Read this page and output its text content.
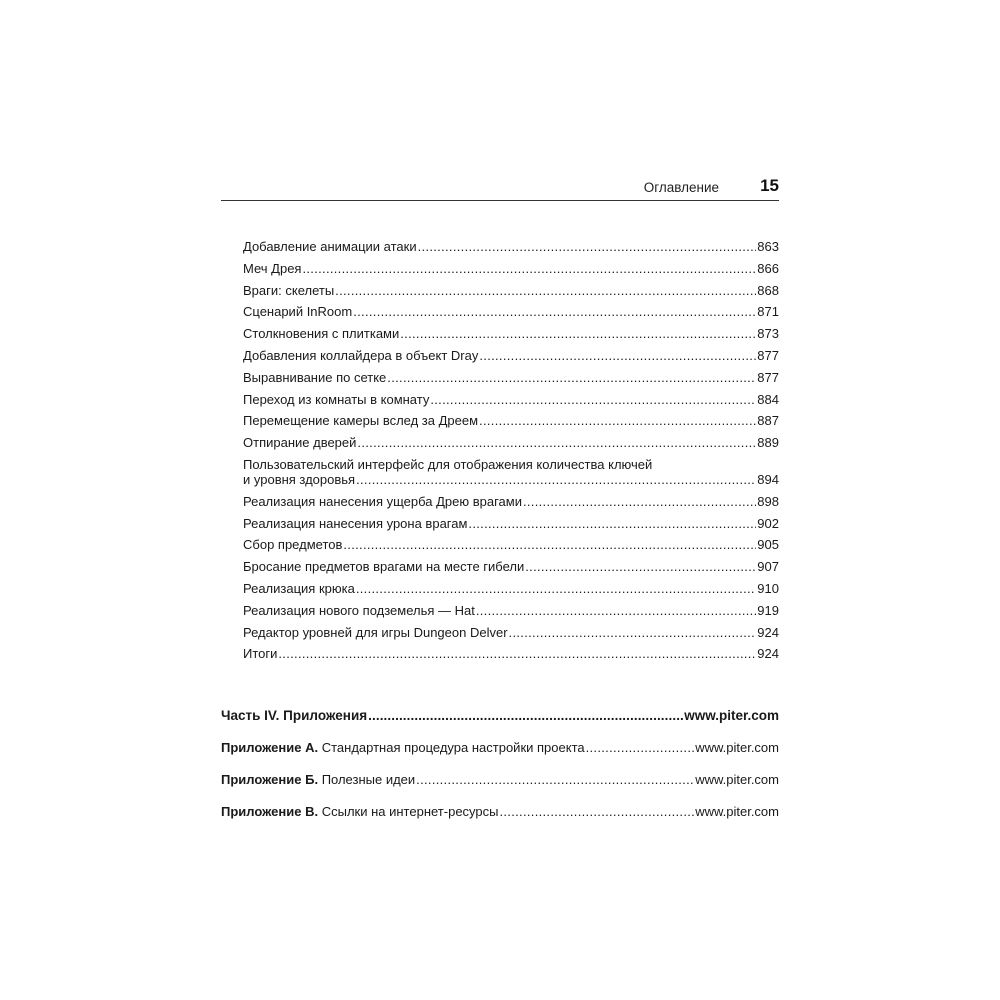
Оглавление 15
Добавление анимации атаки .....	863
Меч Дрея .....	866
Враги: скелеты .....	868
Сценарий InRoom .....	871
Столкновения с плитками .....	873
Добавления коллайдера в объект Dray .....	877
Выравнивание по сетке .....	877
Переход из комнаты в комнату .....	884
Перемещение камеры вслед за Дреем .....	887
Отпирание дверей .....	889
Пользовательский интерфейс для отображения количества ключей
и уровня здоровья .....	894
Реализация нанесения ущерба Дрею врагами .....	898
Реализация нанесения урона врагам .....	902
Сбор предметов .....	905
Бросание предметов врагами на месте гибели .....	907
Реализация крюка .....	910
Реализация нового подземелья — Hat .....	919
Редактор уровней для игры Dungeon Delver .....	924
Итоги .....	924
Часть IV. Приложения .....	www.piter.com
Приложение А. Стандартная процедура настройки проекта .....	www.piter.com
Приложение Б. Полезные идеи .....	www.piter.com
Приложение В. Ссылки на интернет-ресурсы .....	www.piter.com
